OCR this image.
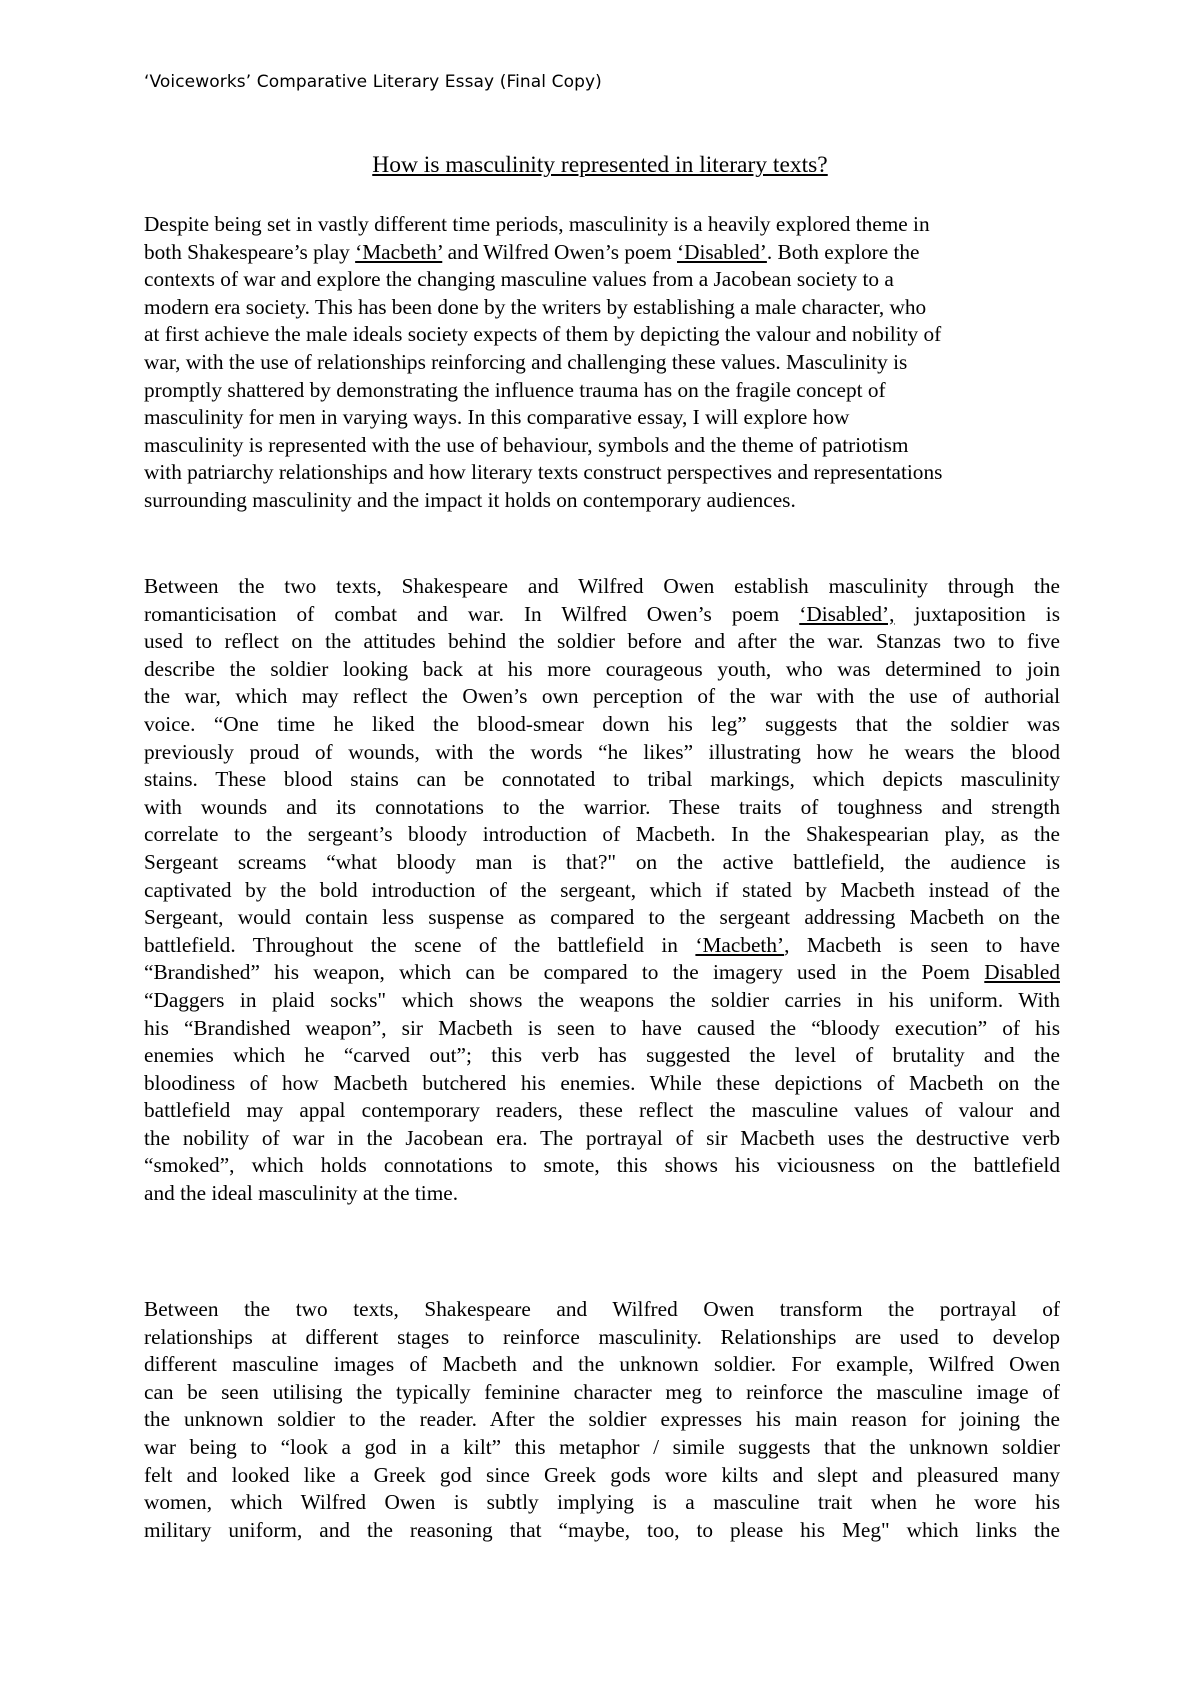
‘Voiceworks’ Comparative Literary Essay (Final Copy)
How is masculinity represented in literary texts?
Despite being set in vastly different time periods, masculinity is a heavily explored theme in
both Shakespeare’s play ‘Macbeth’ and Wilfred Owen’s poem ‘Disabled’. Both explore the
contexts of war and explore the changing masculine values from a Jacobean society to a
modern era society. This has been done by the writers by establishing a male character, who
at first achieve the male ideals society expects of them by depicting the valour and nobility of
war, with the use of relationships reinforcing and challenging these values. Masculinity is
promptly shattered by demonstrating the influence trauma has on the fragile concept of
masculinity for men in varying ways. In this comparative essay, I will explore how
masculinity is represented with the use of behaviour, symbols and the theme of patriotism
with patriarchy relationships and how literary texts construct perspectives and representations
surrounding masculinity and the impact it holds on contemporary audiences.
Between the two texts, Shakespeare and Wilfred Owen establish masculinity through the
romanticisation of combat and war. In Wilfred Owen’s poem ‘Disabled’, juxtaposition is
used to reflect on the attitudes behind the soldier before and after the war. Stanzas two to five
describe the soldier looking back at his more courageous youth, who was determined to join
the war, which may reflect the Owen’s own perception of the war with the use of authorial
voice. “One time he liked the blood-smear down his leg” suggests that the soldier was
previously proud of wounds, with the words “he likes” illustrating how he wears the blood
stains. These blood stains can be connotated to tribal markings, which depicts masculinity
with wounds and its connotations to the warrior. These traits of toughness and strength
correlate to the sergeant’s bloody introduction of Macbeth. In the Shakespearian play, as the
Sergeant screams “what bloody man is that?" on the active battlefield, the audience is
captivated by the bold introduction of the sergeant, which if stated by Macbeth instead of the
Sergeant, would contain less suspense as compared to the sergeant addressing Macbeth on the
battlefield. Throughout the scene of the battlefield in ‘Macbeth’, Macbeth is seen to have
“Brandished” his weapon, which can be compared to the imagery used in the Poem Disabled
“Daggers in plaid socks" which shows the weapons the soldier carries in his uniform. With
his “Brandished weapon”, sir Macbeth is seen to have caused the “bloody execution” of his
enemies which he “carved out”; this verb has suggested the level of brutality and the
bloodiness of how Macbeth butchered his enemies. While these depictions of Macbeth on the
battlefield may appal contemporary readers, these reflect the masculine values of valour and
the nobility of war in the Jacobean era. The portrayal of sir Macbeth uses the destructive verb
“smoked”, which holds connotations to smote, this shows his viciousness on the battlefield
and the ideal masculinity at the time.
Between the two texts, Shakespeare and Wilfred Owen transform the portrayal of
relationships at different stages to reinforce masculinity. Relationships are used to develop
different masculine images of Macbeth and the unknown soldier. For example, Wilfred Owen
can be seen utilising the typically feminine character meg to reinforce the masculine image of
the unknown soldier to the reader. After the soldier expresses his main reason for joining the
war being to “look a god in a kilt” this metaphor / simile suggests that the unknown soldier
felt and looked like a Greek god since Greek gods wore kilts and slept and pleasured many
women, which Wilfred Owen is subtly implying is a masculine trait when he wore his
military uniform, and the reasoning that “maybe, too, to please his Meg" which links the
